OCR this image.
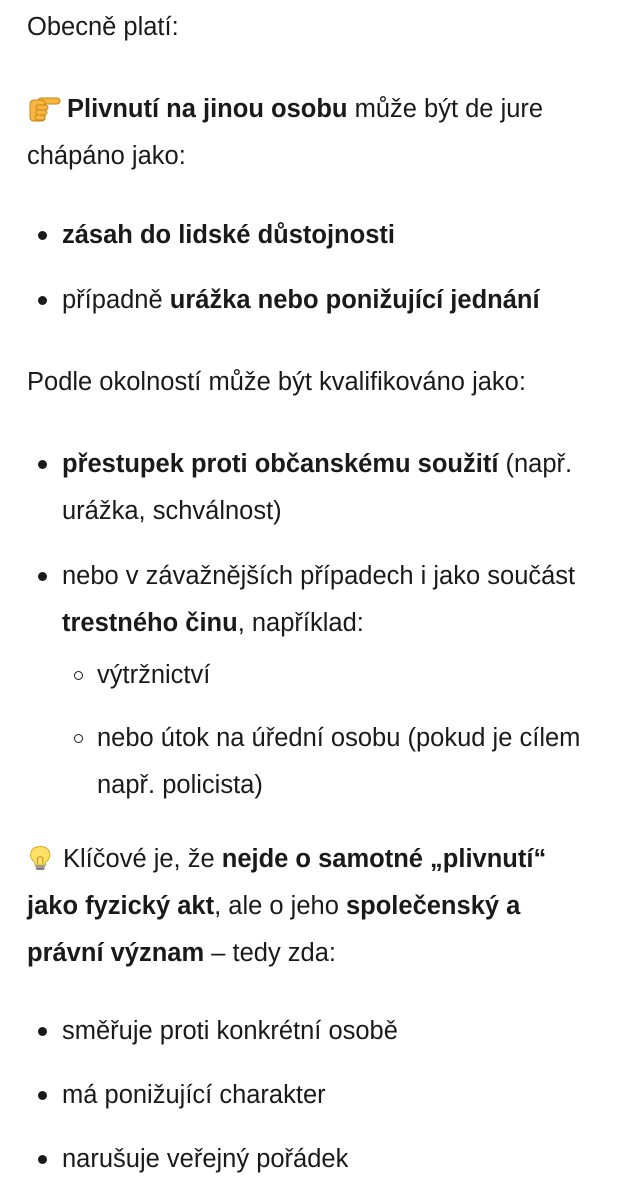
Obecně platí:

Plivnutí na jinou osobu může být de jure chápáno jako:

zásah do lidské důstojnosti
případně urážka nebo ponižující jednání

Podle okolností může být kvalifikováno jako:

přestupek proti občanskému soužití (např. urážka, schválnost)
nebo v závažnějších případech i jako součást trestného činu, například:
výtržnictví
nebo útok na úřední osobu (pokud je cílem např. policista)

Klíčové je, že nejde o samotné „plivnutí“ jako fyzický akt, ale o jeho společenský a právní význam – tedy zda:

směřuje proti konkrétní osobě
má ponižující charakter
narušuje veřejný pořádek
